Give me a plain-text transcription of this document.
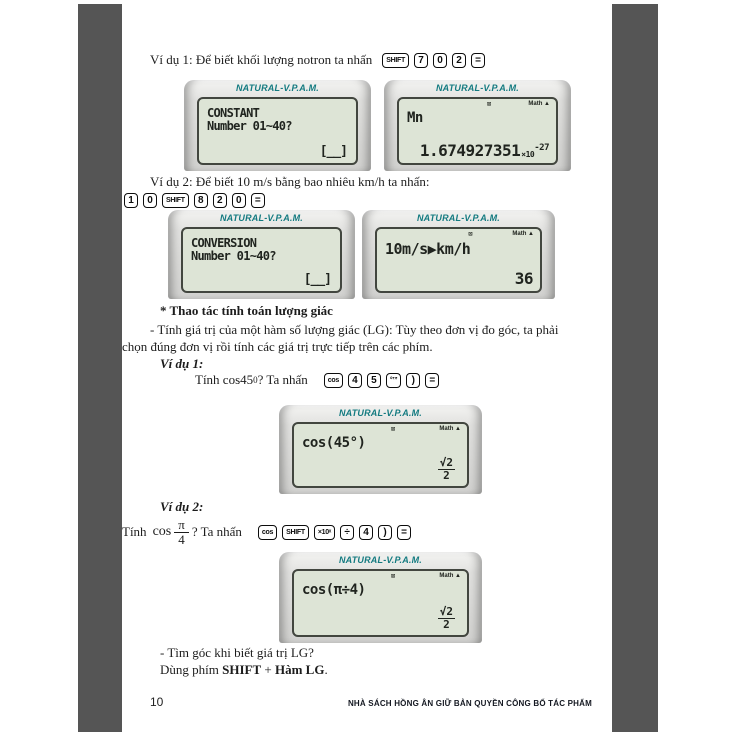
Ví dụ 1: Để biết khối lượng notron ta nhấn	SHIFT	7	0	2	=
NATURAL-V.P.A.M.
CONSTANT
Number 01~40?
[__]
NATURAL-V.P.A.M.
⊠	Math ▲
Mn
1.674927351 ×10
-27
Ví dụ 2: Để biết 10 m/s bằng bao nhiêu km/h ta nhấn:
1	0	SHIFT	8	2	0	=
NATURAL-V.P.A.M.
CONVERSION
Number 01~40?
[__]
NATURAL-V.P.A.M.
⊠	Math ▲
10m/s▶km/h
36
* Thao tác tính toán lượng giác
- Tính giá trị của một hàm số lượng giác (LG): Tùy theo đơn vị đo góc, ta phải
chọn đúng đơn vị rồi tính các giá trị trực tiếp trên các phím.
Ví dụ 1:
Tính cos45 0 ? Ta nhấn	cos	4	5	°’”	)	=
NATURAL-V.P.A.M.
⊠	Math ▲
cos(45°)
$\frac{√2}{2}$
Ví dụ 2:
Tính $\cos \frac{\pi}{4}$ ? Ta nhấn	cos	SHIFT	×10ˣ	÷	4	)	=
NATURAL-V.P.A.M.
⊠	Math ▲
cos(π÷4)
$\frac{√2}{2}$
- Tìm góc khi biết giá trị LG?
Dùng phím SHIFT + Hàm LG.
10	NHÀ SÁCH HỒNG ÂN GIỮ BẢN QUYỀN CÔNG BỐ TÁC PHẨM
